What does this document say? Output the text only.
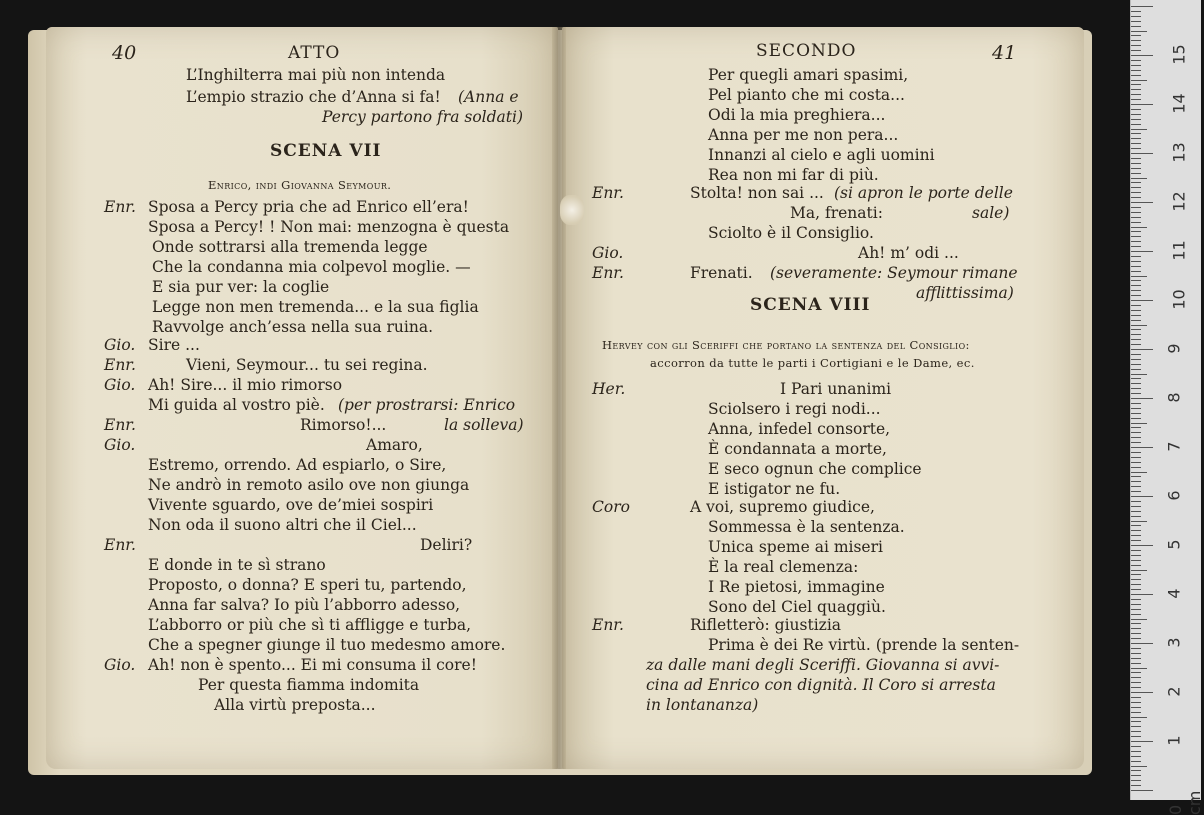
40	ATTO
SCENA VII
Enrico, indi Giovanna Seymour.
SECONDO	41
SCENA VIII
Hervey con gli Sceriffi che portano la sentenza del Consiglio:
accorron da tutte le parti i Cortigiani e le Dame, ec.
L’Inghilterra mai più non intenda
L’empio strazio che d’Anna si fa! (Anna e
Percy partono fra soldati)
Enr. Sposa a Percy pria che ad Enrico ell’era!
Sposa a Percy! ! Non mai: menzogna è questa
Onde sottrarsi alla tremenda legge
Che la condanna mia colpevol moglie. —
E sia pur ver: la coglie
Legge non men tremenda... e la sua figlia
Ravvolge anch’essa nella sua ruina.
Gio. Sire ...
Enr.	Vieni, Seymour... tu sei regina.
Gio. Ah! Sire... il mio rimorso
Mi guida al vostro piè. (per prostrarsi: Enrico
Enr.	Rimorso!...	la solleva)
Gio.	Amaro,
Estremo, orrendo. Ad espiarlo, o Sire,
Ne andrò in remoto asilo ove non giunga
Vivente sguardo, ove de’miei sospiri
Non oda il suono altri che il Ciel...
Enr.	Deliri?
E donde in te sì strano
Proposto, o donna? E speri tu, partendo,
Anna far salva? Io più l’abborro adesso,
L’abborro or più che sì ti affligge e turba,
Che a spegner giunge il tuo medesmo amore.
Gio. Ah! non è spento... Ei mi consuma il core!
Per questa fiamma indomita
Alla virtù preposta...
Per quegli amari spasimi,
Pel pianto che mi costa...
Odi la mia preghiera...
Anna per me non pera...
Innanzi al cielo e agli uomini
Rea non mi far di più.
Enr.	Stolta! non sai ... (si apron le porte delle
Ma, frenati:	sale)
Sciolto è il Consiglio.
Gio.	Ah! m’ odi ...
Enr.	Frenati. (severamente: Seymour rimane
afflittissima)
Her.	I Pari unanimi
Sciolsero i regi nodi...
Anna, infedel consorte,
È condannata a morte,
E seco ognun che complice
E istigator ne fu.
Coro	A voi, supremo giudice,
Sommessa è la sentenza.
Unica speme ai miseri
È la real clemenza:
I Re pietosi, immagine
Sono del Ciel quaggiù.
Enr.	Rifletterò: giustizia
Prima è dei Re virtù. (prende la senten-
za dalle mani degli Sceriffi. Giovanna si avvi-
cina ad Enrico con dignità. Il Coro si arresta
in lontananza)
15
14
13
12
11
10
9
8
7
6
5
4
3
2
1
0 cm
